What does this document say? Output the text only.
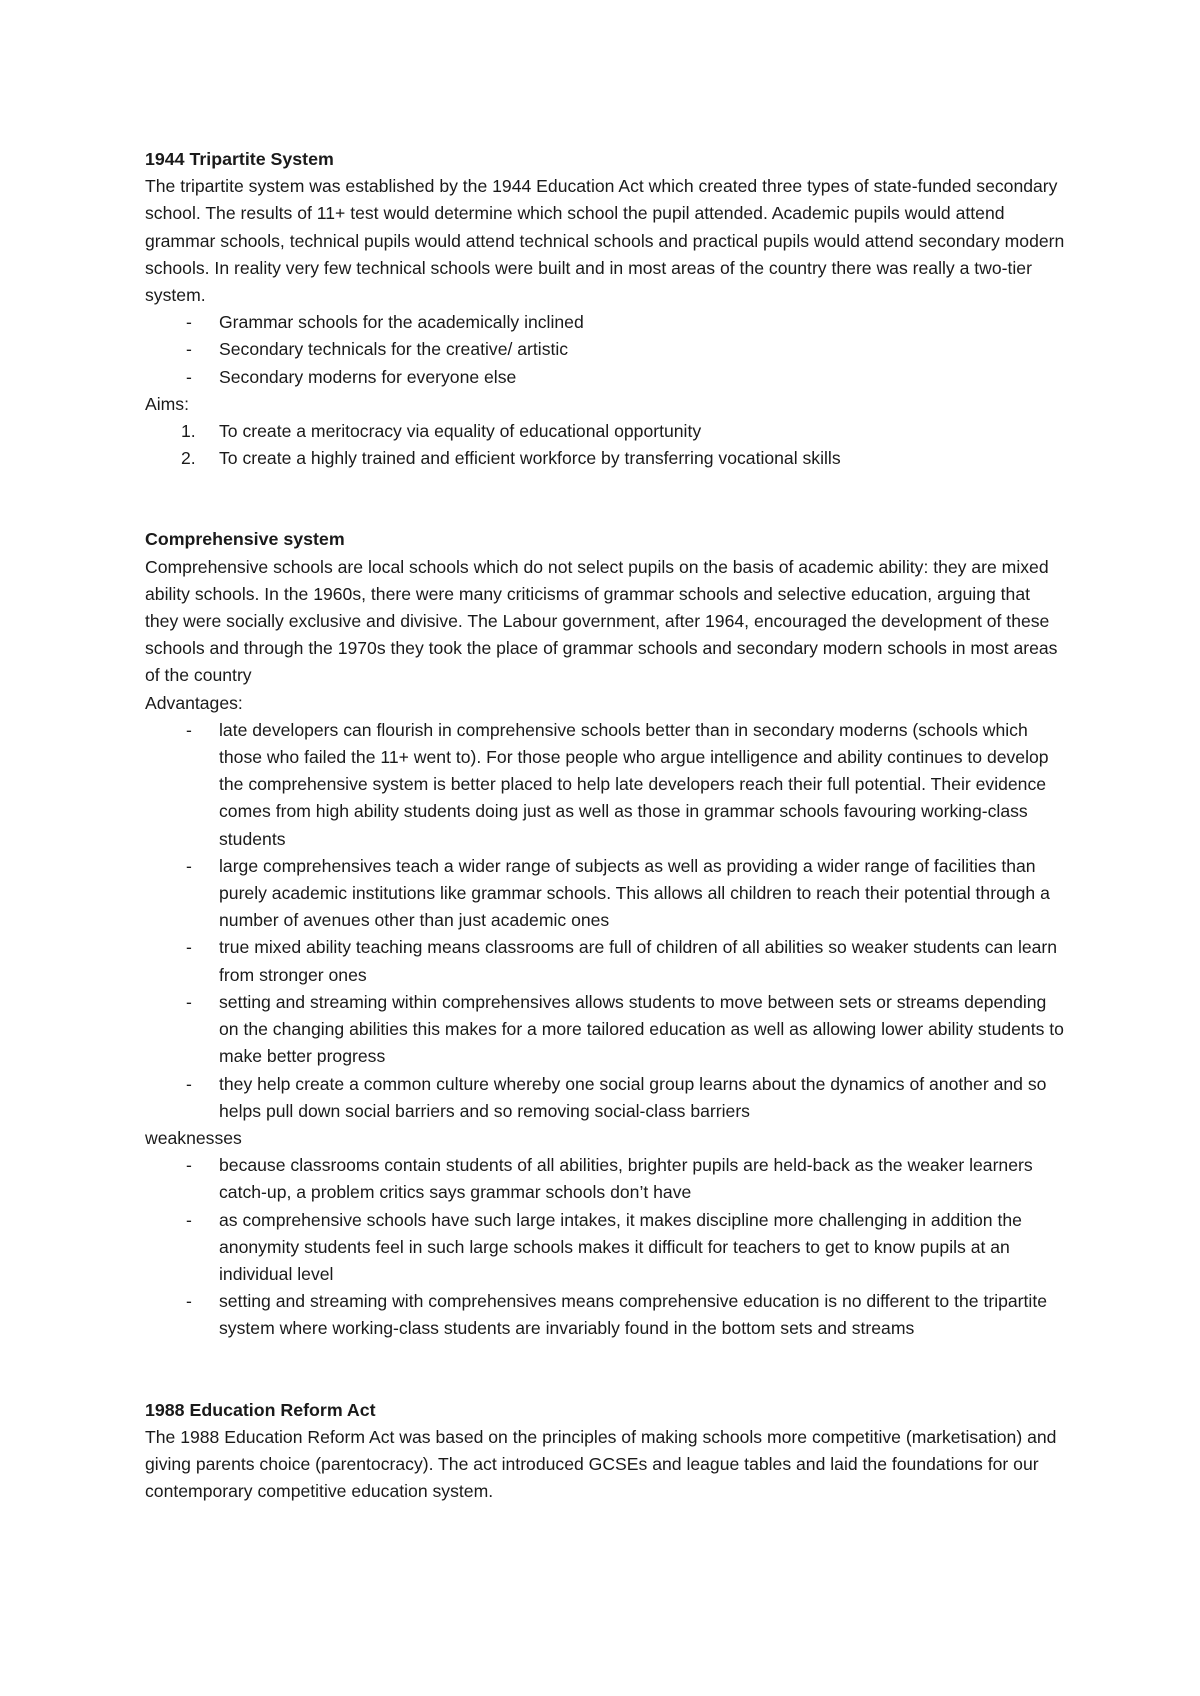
1944 Tripartite System

The tripartite system was established by the 1944 Education Act which created three types of state-funded secondary school. The results of 11+ test would determine which school the pupil attended. Academic pupils would attend grammar schools, technical pupils would attend technical schools and practical pupils would attend secondary modern schools. In reality very few technical schools were built and in most areas of the country there was really a two-tier system.

- Grammar schools for the academically inclined
- Secondary technicals for the creative/ artistic
- Secondary moderns for everyone else

Aims:

1. To create a meritocracy via equality of educational opportunity
2. To create a highly trained and efficient workforce by transferring vocational skills

Comprehensive system

Comprehensive schools are local schools which do not select pupils on the basis of academic ability: they are mixed ability schools. In the 1960s, there were many criticisms of grammar schools and selective education, arguing that they were socially exclusive and divisive. The Labour government, after 1964, encouraged the development of these schools and through the 1970s they took the place of grammar schools and secondary modern schools in most areas of the country

Advantages:

- late developers can flourish in comprehensive schools better than in secondary moderns (schools which those who failed the 11+ went to). For those people who argue intelligence and ability continues to develop the comprehensive system is better placed to help late developers reach their full potential. Their evidence comes from high ability students doing just as well as those in grammar schools favouring working-class students
- large comprehensives teach a wider range of subjects as well as providing a wider range of facilities than purely academic institutions like grammar schools. This allows all children to reach their potential through a number of avenues other than just academic ones
- true mixed ability teaching means classrooms are full of children of all abilities so weaker students can learn from stronger ones
- setting and streaming within comprehensives allows students to move between sets or streams depending on the changing abilities this makes for a more tailored education as well as allowing lower ability students to make better progress
- they help create a common culture whereby one social group learns about the dynamics of another and so helps pull down social barriers and so removing social-class barriers

weaknesses

- because classrooms contain students of all abilities, brighter pupils are held-back as the weaker learners catch-up, a problem critics says grammar schools don’t have
- as comprehensive schools have such large intakes, it makes discipline more challenging in addition the anonymity students feel in such large schools makes it difficult for teachers to get to know pupils at an individual level
- setting and streaming with comprehensives means comprehensive education is no different to the tripartite system where working-class students are invariably found in the bottom sets and streams

1988 Education Reform Act

The 1988 Education Reform Act was based on the principles of making schools more competitive (marketisation) and giving parents choice (parentocracy). The act introduced GCSEs and league tables and laid the foundations for our contemporary competitive education system.
